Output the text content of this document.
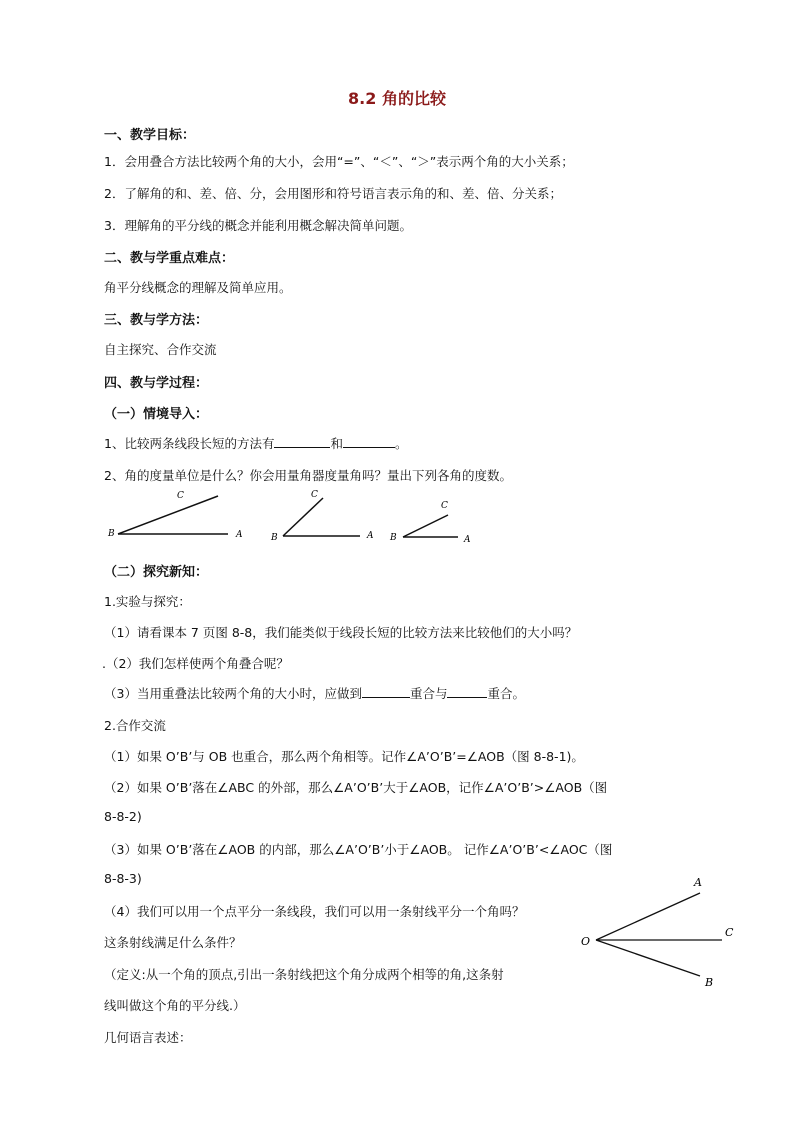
8.2 角的比较
一、教学目标：
1．会用叠合方法比较两个角的大小，会用“=”、“＜”、“＞”表示两个角的大小关系；
2．了解角的和、差、倍、分，会用图形和符号语言表示角的和、差、倍、分关系；
3．理解角的平分线的概念并能利用概念解决简单问题。
二、教与学重点难点：
角平分线概念的理解及简单应用。
三、教与学方法：
自主探究、合作交流
四、教与学过程：
（一）情境导入：
1、比较两条线段长短的方法有	和	。
2、角的度量单位是什么？你会用量角器度量角吗？量出下列各角的度数。
B	A
C
B	A
C
B	A
C
（二）探究新知：
1.实验与探究：
（1）请看课本 7 页图 8-8，我们能类似于线段长短的比较方法来比较他们的大小吗？
.（2）我们怎样使两个角叠合呢？
（3）当用重叠法比较两个角的大小时，应做到	重合与	重合。
2.合作交流
（1）如果 O’B’与 OB 也重合，那么两个角相等。记作∠A’O’B’=∠AOB（图 8-8-1)。
（2）如果 O’B’落在∠ABC 的外部，那么∠A’O’B’大于∠AOB，记作∠A’O’B’>∠AOB（图
8-8-2)
（3）如果 O’B’落在∠AOB 的内部，那么∠A’O’B’小于∠AOB。 记作∠A’O’B’<∠AOC（图
8-8-3)
（4）我们可以用一个点平分一条线段，我们可以用一条射线平分一个角吗？
这条射线满足什么条件？
（定义:从一个角的顶点,引出一条射线把这个角分成两个相等的角,这条射
线叫做这个角的平分线.）
几何语言表述：
O
A
C
B
